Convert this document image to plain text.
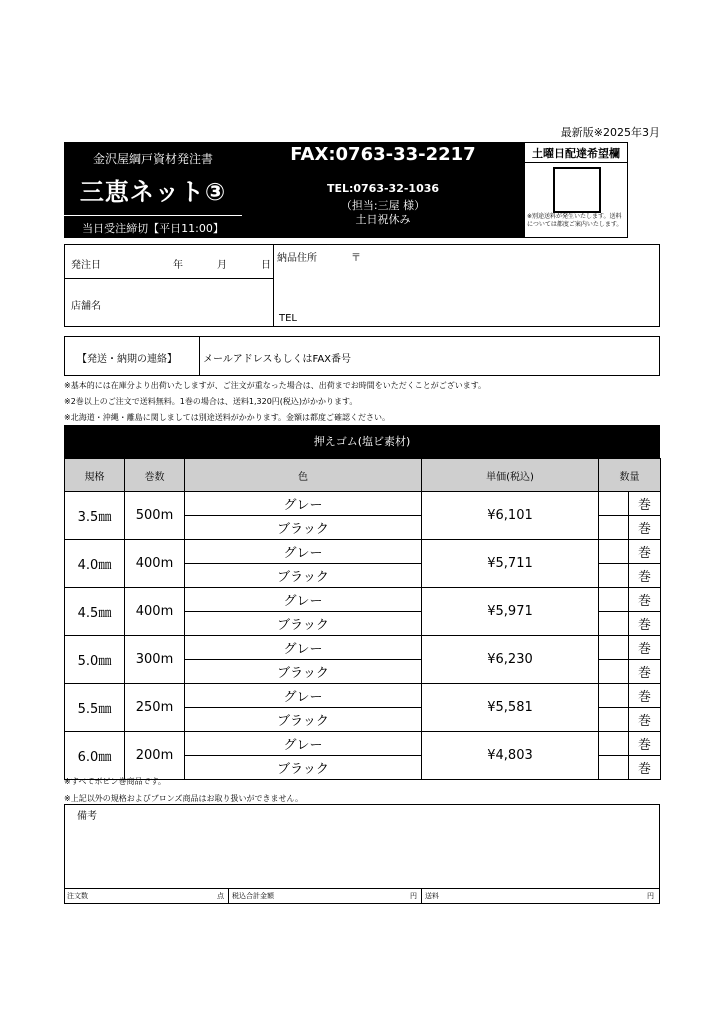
最新版※2025年3月
金沢屋綱戸資材発注書
三恵ネット③
当日受注締切【平日11:00】
FAX:0763-33-2217
TEL:0763-32-1036
（担当:三屋 様）
土日祝休み
土曜日配達希望欄
※別途送料が発生いたします。送料については都度ご案内いたします。
発注日	年	月	日
店舗名
納品住所	〒
TEL
【発送・納期の連絡】	メールアドレスもしくはFAX番号
※基本的には在庫分より出荷いたしますが、ご注文が重なった場合は、出荷までお時間をいただくことがございます。
※2巻以上のご注文で送料無料。1巻の場合は、送料1,320円(税込)がかかります。
※北海道・沖縄・離島に関しましては別途送料がかかります。金額は都度ご確認ください。
押えゴム(塩ビ素材)
規格	巻数	色	単価(税込)	数量	
3.5㎜	500m	グレー	¥6,101		巻
		ブラック			巻
4.0㎜	400m	グレー	¥5,711		巻
		ブラック			巻
4.5㎜	400m	グレー	¥5,971		巻
		ブラック			巻
5.0㎜	300m	グレー	¥6,230		巻
		ブラック			巻
5.5㎜	250m	グレー	¥5,581		巻
		ブラック			巻
6.0㎜	200m	グレー	¥4,803		巻
		ブラック			巻
※すべてボビン巻商品です。
※上記以外の規格およびブロンズ商品はお取り扱いができません。
備考
注文数	点 税込合計金額	円 送料	円
